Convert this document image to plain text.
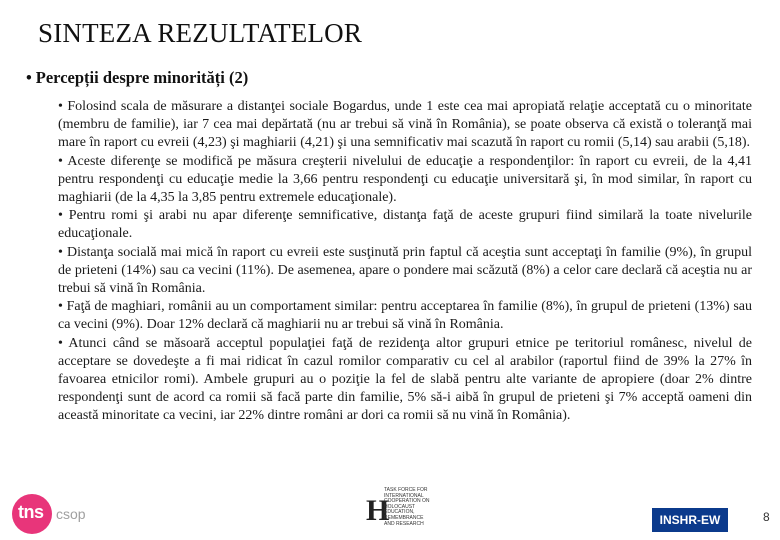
SINTEZA REZULTATELOR
• Percepții despre minorități (2)

• Folosind scala de măsurare a distanţei sociale Bogardus, unde 1 este cea mai apropiată relaţie acceptată cu o minoritate (membru de familie), iar 7 cea mai depărtată (nu ar trebui să vină în România), se poate observa că există o toleranţă mai mare în raport cu evreii (4,23) şi maghiarii (4,21) şi una semnificativ mai scazută în raport cu romii (5,14) sau arabii (5,18).

• Aceste diferenţe se modifică pe măsura creşterii nivelului de educaţie a respondenţilor: în raport cu evreii, de la 4,41 pentru respondenţi cu educaţie medie la 3,66 pentru respondenţi cu educaţie universitară şi, în mod similar, în raport cu maghiarii (de la 4,35 la 3,85 pentru extremele educaţionale).

• Pentru romi şi arabi nu apar diferenţe semnificative, distanţa faţă de aceste grupuri fiind similară la toate nivelurile educaţionale.

• Distanţa socială mai mică în raport cu evreii este susţinută prin faptul că aceştia sunt acceptaţi în familie (9%), în grupul de prieteni (14%) sau ca vecini (11%). De asemenea, apare o pondere mai scăzută (8%) a celor care declară că aceştia nu ar trebui să vină în România.

• Faţă de maghiari, românii au un comportament similar: pentru acceptarea în familie (8%), în grupul de prieteni (13%) sau ca vecini (9%). Doar 12% declară că maghiarii nu ar trebui să vină în România.

• Atunci când se măsoară acceptul populaţiei faţă de rezidenţa altor grupuri etnice pe teritoriul românesc, nivelul de acceptare se dovedeşte a fi mai ridicat în cazul romilor comparativ cu cel al arabilor (raportul fiind de 39% la 27% în favoarea etnicilor romi). Ambele grupuri au o poziţie la fel de slabă pentru alte variante de apropiere (doar 2% dintre respondenţi sunt de acord ca romii să facă parte din familie, 5% să-i aibă în grupul de prieteni şi 7% acceptă oameni din această minoritate ca vecini, iar 22% dintre români ar dori ca romii să nu vină în România).

tns csop	H
TASK FORCE FOR
INTERNATIONAL
COOPERATION ON
HOLOCAUST
EDUCATION,
REMEMBRANCE
AND RESEARCH	INSHR-EW	8
